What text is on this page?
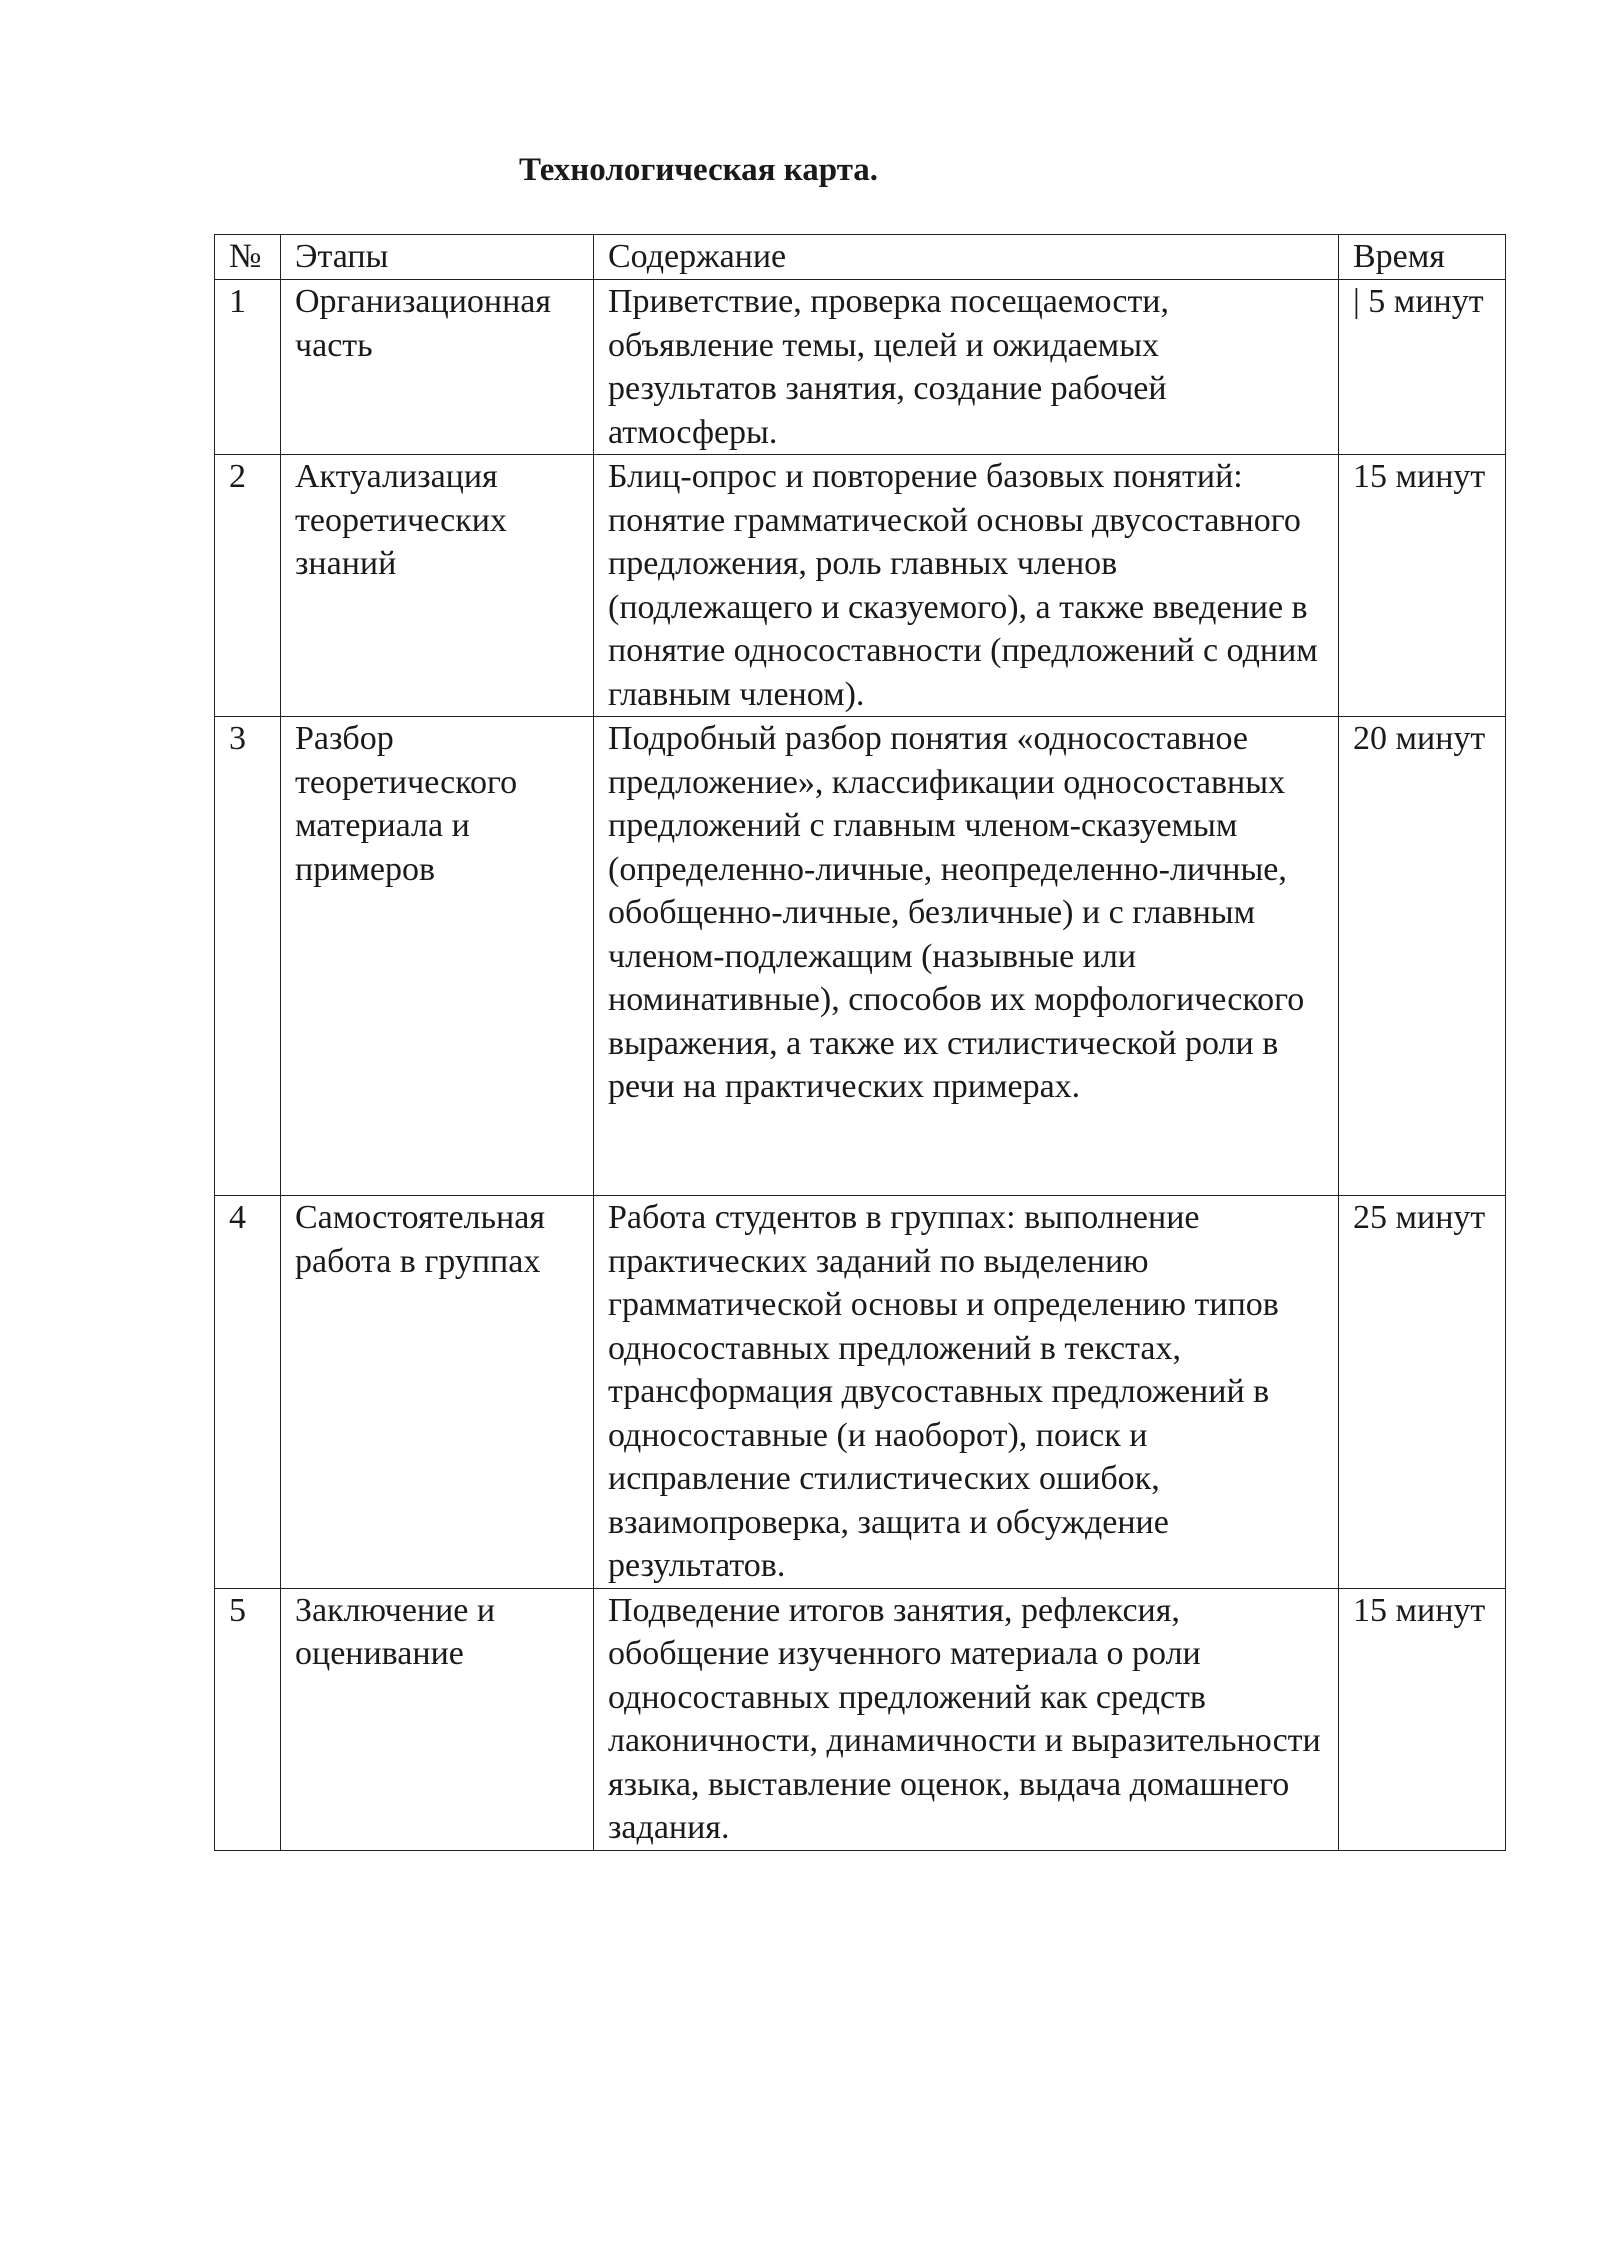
Технологическая карта.
№	Этапы	Содержание	Время

1	Организационная часть	Приветствие, проверка посещаемости, объявление темы, целей и ожидаемых результатов занятия, создание рабочей атмосферы.	| 5 минут

2	Актуализация теоретических знаний	Блиц-опрос и повторение базовых понятий: понятие грамматической основы двусоставного предложения, роль главных членов (подлежащего и сказуемого), а также введение в понятие односоставности (предложений с одним главным членом).	15 минут

3	Разбор теоретического материала и примеров	Подробный разбор понятия «односоставное предложение», классификации односоставных предложений с главным членом-сказуемым (определенно-личные, неопределенно-личные, обобщенно-личные, безличные) и с главным членом-подлежащим (назывные или номинативные), способов их морфологического выражения, а также их стилистической роли в речи на практических примерах.	20 минут

4	Самостоятельная работа в группах	Работа студентов в группах: выполнение практических заданий по выделению грамматической основы и определению типов односоставных предложений в текстах, трансформация двусоставных предложений в односоставные (и наоборот), поиск и исправление стилистических ошибок, взаимопроверка, защита и обсуждение результатов.	25 минут

5	Заключение и оценивание	Подведение итогов занятия, рефлексия, обобщение изученного материала о роли односоставных предложений как средств лаконичности, динамичности и выразительности языка, выставление оценок, выдача домашнего задания.	15 минут
